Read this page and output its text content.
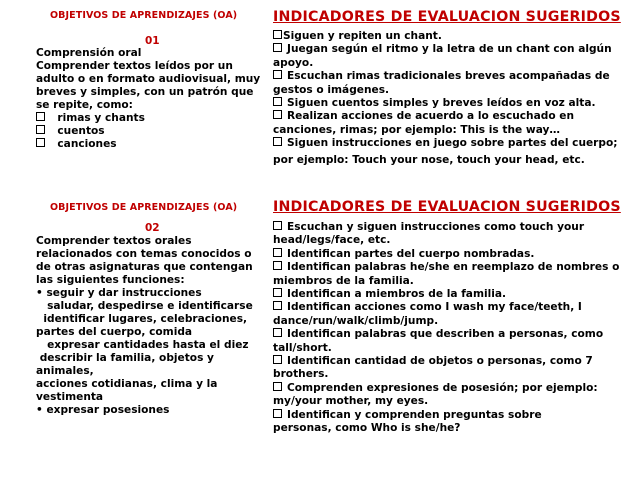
OBJETIVOS DE APRENDIZAJES (OA)
01
Comprensión oral
Comprender textos leídos por un
adulto o en formato audiovisual, muy
breves y simples, con un patrón que
se repite, como:
rimas y chants
cuentos
canciones
INDICADORES DE EVALUACION SUGERIDOS
Siguen y repiten un chant.
Juegan según el ritmo y la letra de un chant con algún
apoyo.
Escuchan rimas tradicionales breves acompañadas de
gestos o imágenes.
Siguen cuentos simples y breves leídos en voz alta.
Realizan acciones de acuerdo a lo escuchado en
canciones, rimas; por ejemplo: This is the way…
Siguen instrucciones en juego sobre partes del cuerpo;
por ejemplo: Touch your nose, touch your head, etc.
OBJETIVOS DE APRENDIZAJES (OA)
02
Comprender textos orales
relacionados con temas conocidos o
de otras asignaturas que contengan
las siguientes funciones:
• seguir y dar instrucciones
saludar, despedirse e identificarse
identificar lugares, celebraciones,
partes del cuerpo, comida
expresar cantidades hasta el diez
describir la familia, objetos y
animales,
acciones cotidianas, clima y la
vestimenta
• expresar posesiones
INDICADORES DE EVALUACION SUGERIDOS
Escuchan y siguen instrucciones como touch your
head/legs/face, etc.
Identifican partes del cuerpo nombradas.
Identifican palabras he/she en reemplazo de nombres o
miembros de la familia.
Identifican a miembros de la familia.
Identifican acciones como I wash my face/teeth, I
dance/run/walk/climb/jump.
Identifican palabras que describen a personas, como
tall/short.
Identifican cantidad de objetos o personas, como 7
brothers.
Comprenden expresiones de posesión; por ejemplo:
my/your mother, my eyes.
Identifican y comprenden preguntas sobre
personas, como Who is she/he?
